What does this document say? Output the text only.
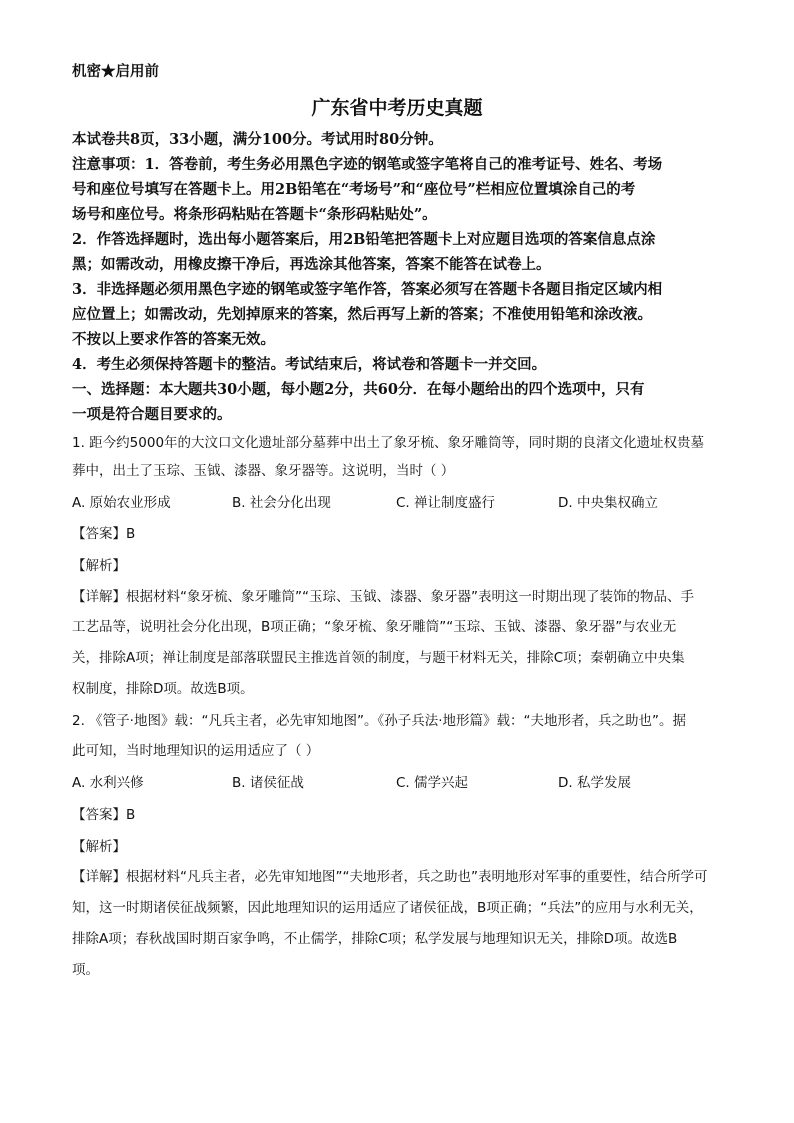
机密★启用前
广东省中考历史真题
本试卷共8页，33小题，满分100分。考试用时80分钟。
注意事项：1．答卷前，考生务必用黑色字迹的钢笔或签字笔将自己的准考证号、姓名、考场
号和座位号填写在答题卡上。用2B铅笔在“考场号”和“座位号”栏相应位置填涂自己的考
场号和座位号。将条形码粘贴在答题卡“条形码粘贴处”。
2．作答选择题时，选出每小题答案后，用2B铅笔把答题卡上对应题目选项的答案信息点涂
黑；如需改动，用橡皮擦干净后，再选涂其他答案，答案不能答在试卷上。
3．非选择题必须用黑色字迹的钢笔或签字笔作答，答案必须写在答题卡各题目指定区域内相
应位置上；如需改动，先划掉原来的答案，然后再写上新的答案；不准使用铅笔和涂改液。
不按以上要求作答的答案无效。
4．考生必须保持答题卡的整洁。考试结束后，将试卷和答题卡一并交回。
一、选择题：本大题共30小题，每小题2分，共60分．在每小题给出的四个选项中，只有
一项是符合题目要求的。
1. 距今约5000年的大汶口文化遗址部分墓葬中出土了象牙梳、象牙雕筒等，同时期的良渚文化遗址权贵墓
葬中，出土了玉琮、玉钺、漆器、象牙器等。这说明，当时（ ）
A. 原始农业形成	B. 社会分化出现	C. 禅让制度盛行	D. 中央集权确立
【答案】B
【解析】
【详解】根据材料“象牙梳、象牙雕筒”“玉琮、玉钺、漆器、象牙器”表明这一时期出现了装饰的物品、手
工艺品等，说明社会分化出现，B项正确；“象牙梳、象牙雕筒”“玉琮、玉钺、漆器、象牙器”与农业无
关，排除A项；禅让制度是部落联盟民主推选首领的制度，与题干材料无关，排除C项；秦朝确立中央集
权制度，排除D项。故选B项。
2. 《管子·地图》载：“凡兵主者，必先审知地图”。《孙子兵法·地形篇》载：“夫地形者，兵之助也”。据
此可知，当时地理知识的运用适应了（ ）
A. 水利兴修	B. 诸侯征战	C. 儒学兴起	D. 私学发展
【答案】B
【解析】
【详解】根据材料“凡兵主者，必先审知地图”“夫地形者，兵之助也”表明地形对军事的重要性，结合所学可
知，这一时期诸侯征战频繁，因此地理知识的运用适应了诸侯征战，B项正确；“兵法”的应用与水利无关，
排除A项；春秋战国时期百家争鸣，不止儒学，排除C项；私学发展与地理知识无关，排除D项。故选B
项。
